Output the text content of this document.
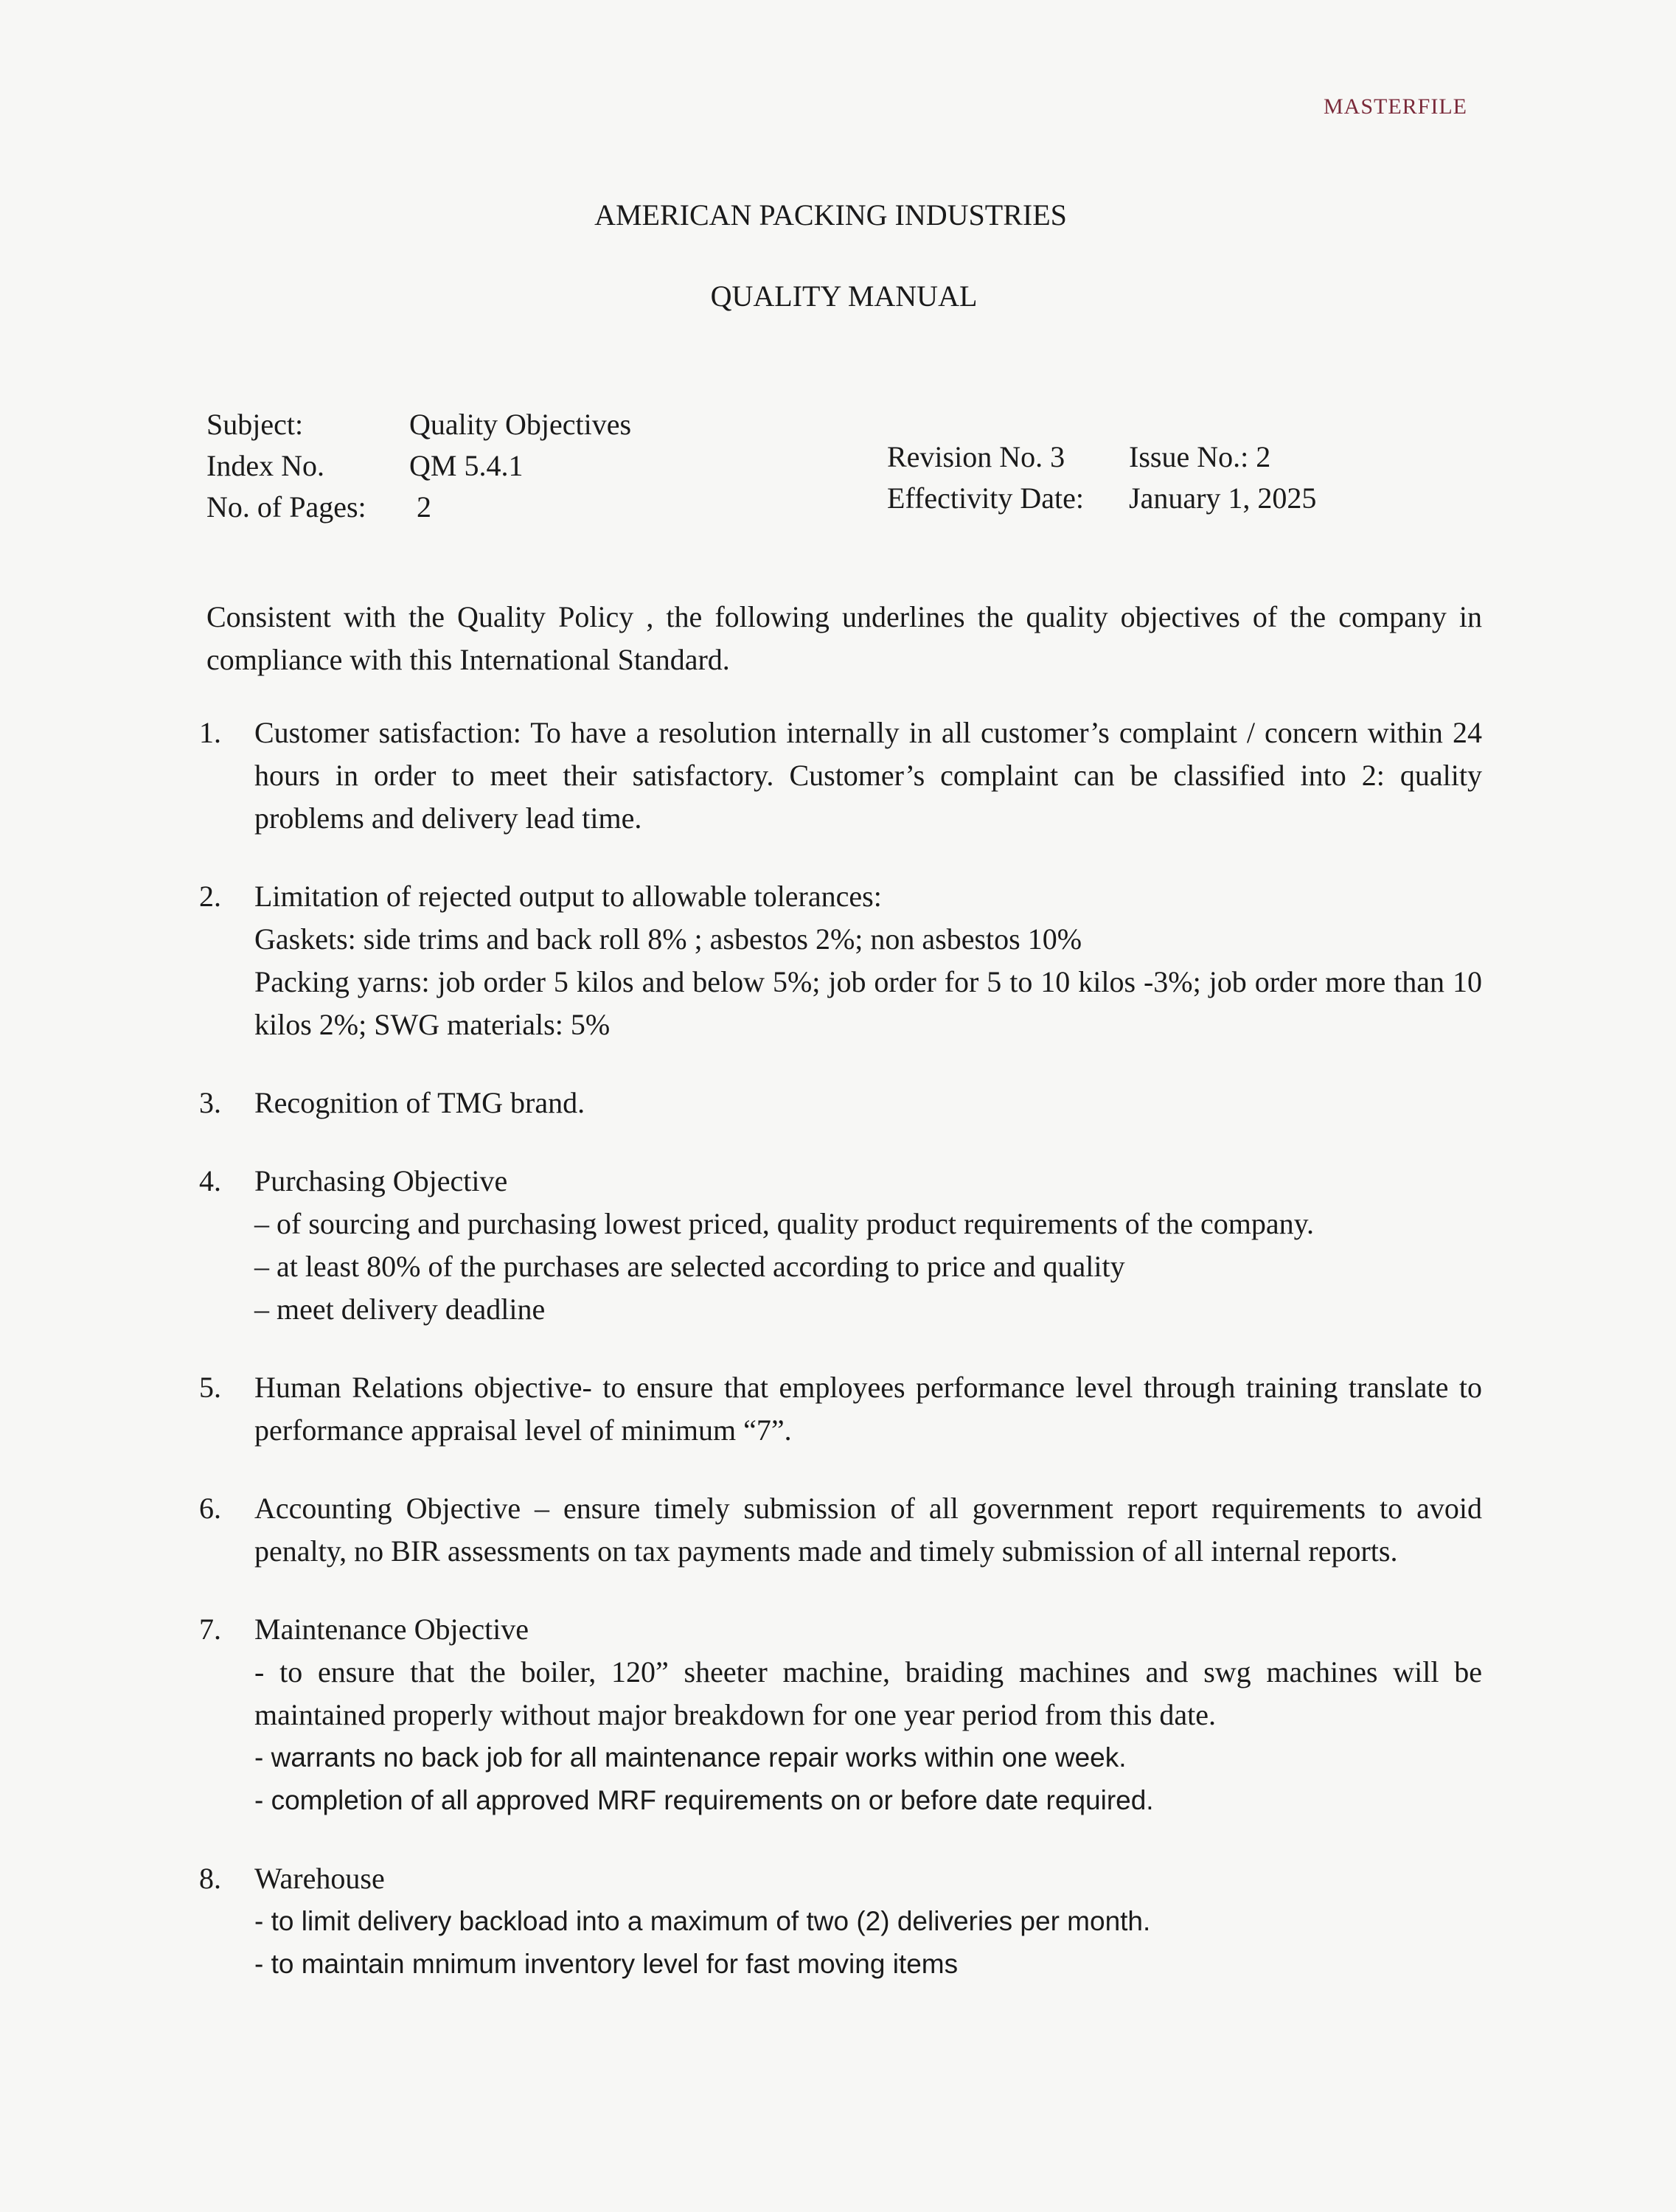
MASTERFILE
AMERICAN PACKING INDUSTRIES
QUALITY MANUAL
Subject:	Quality Objectives
Index No.	QM 5.4.1
No. of Pages:	2
Revision No. 3	Issue No.: 2
Effectivity Date:	January 1, 2025
Consistent with the Quality Policy , the following underlines the quality objectives of the company in compliance with this International Standard.
1. Customer satisfaction: To have a resolution internally in all customer’s complaint / concern within 24 hours in order to meet their satisfactory. Customer’s complaint can be classified into 2: quality problems and delivery lead time.
2. Limitation of rejected output to allowable tolerances:
Gaskets: side trims and back roll 8% ; asbestos 2%; non asbestos 10%
Packing yarns: job order 5 kilos and below 5%; job order for 5 to 10 kilos -3%; job order more than 10 kilos 2%; SWG materials: 5%
3. Recognition of TMG brand.
4. Purchasing Objective
– of sourcing and purchasing lowest priced, quality product requirements of the company.
– at least 80% of the purchases are selected according to price and quality
– meet delivery deadline
5. Human Relations objective- to ensure that employees performance level through training translate to performance appraisal level of minimum “7”.
6. Accounting Objective – ensure timely submission of all government report requirements to avoid penalty, no BIR assessments on tax payments made and timely submission of all internal reports.
7. Maintenance Objective
- to ensure that the boiler, 120” sheeter machine, braiding machines and swg machines will be maintained properly without major breakdown for one year period from this date.
- warrants no back job for all maintenance repair works within one week.
- completion of all approved MRF requirements on or before date required.
8. Warehouse
- to limit delivery backload into a maximum of two (2) deliveries per month.
- to maintain mnimum inventory level for fast moving items
